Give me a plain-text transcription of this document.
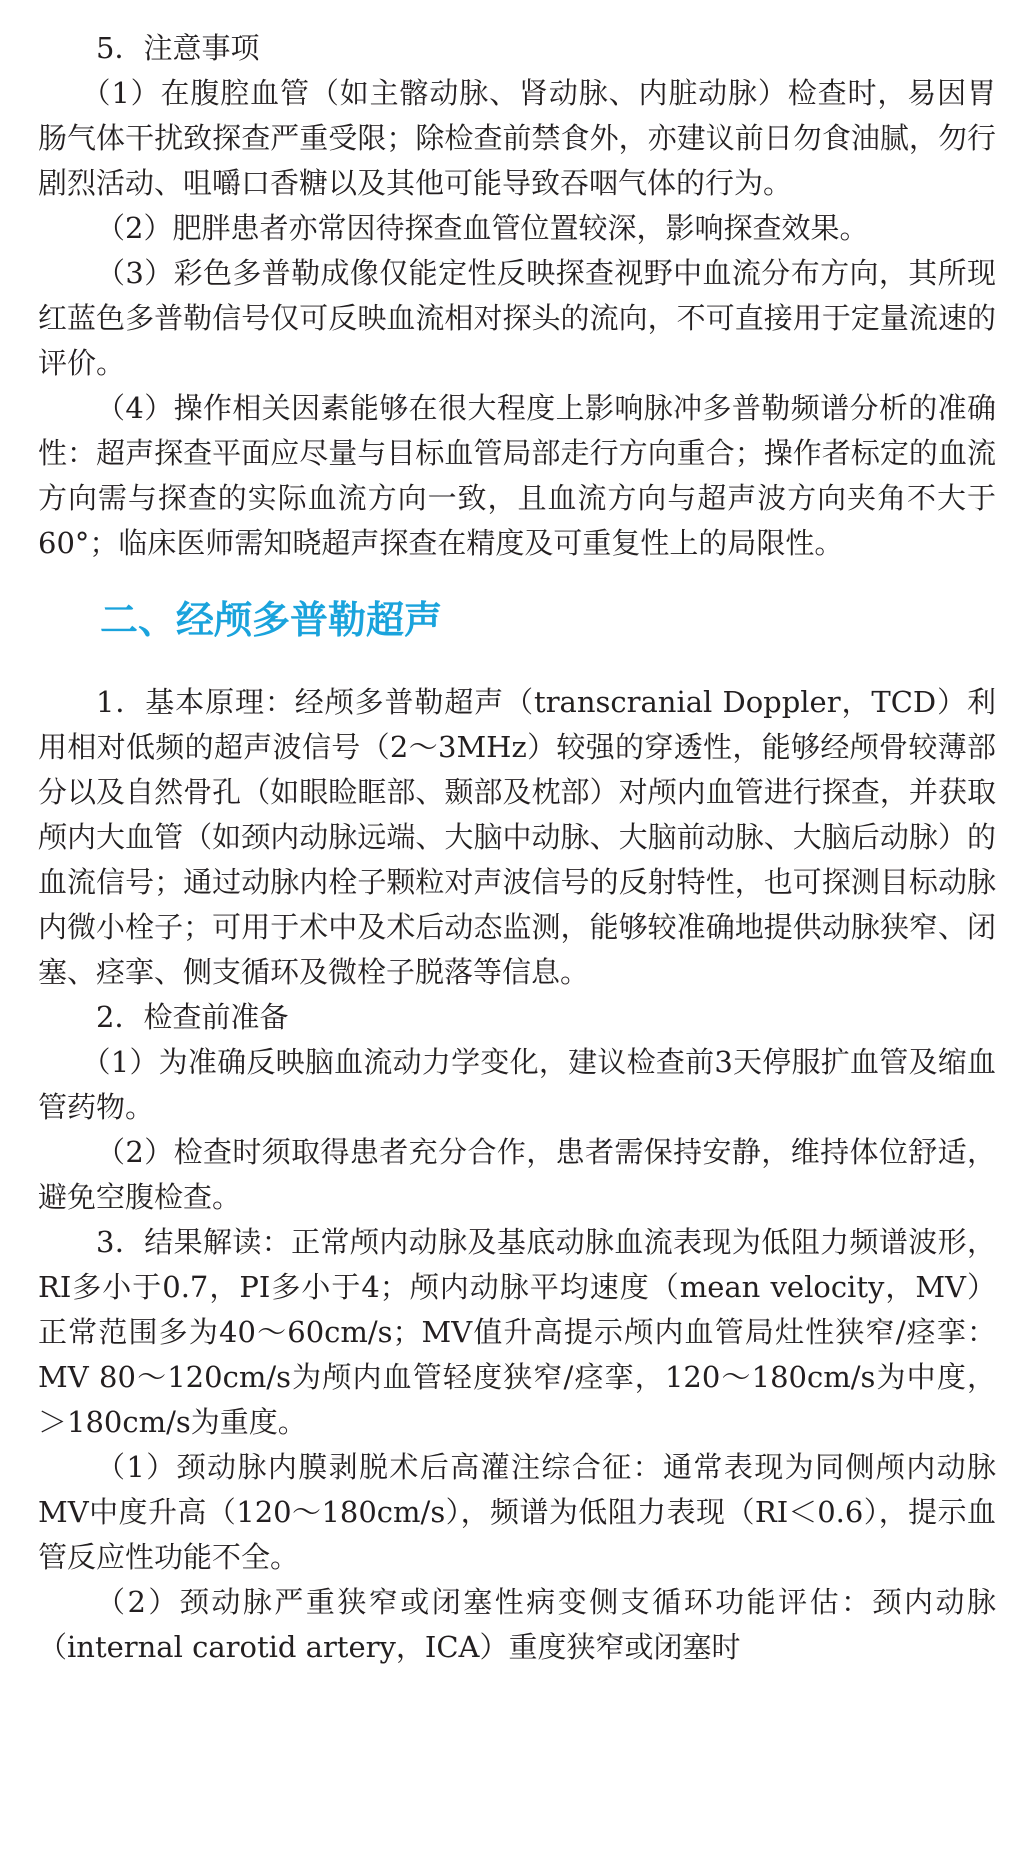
5．注意事项

（1）在腹腔血管（如主髂动脉、肾动脉、内脏动脉）检查时，易因胃肠气体干扰致探查严重受限；除检查前禁食外，亦建议前日勿食油腻，勿行剧烈活动、咀嚼口香糖以及其他可能导致吞咽气体的行为。

（2）肥胖患者亦常因待探查血管位置较深，影响探查效果。

（3）彩色多普勒成像仅能定性反映探查视野中血流分布方向，其所现红蓝色多普勒信号仅可反映血流相对探头的流向，不可直接用于定量流速的评价。

（4）操作相关因素能够在很大程度上影响脉冲多普勒频谱分析的准确性：超声探查平面应尽量与目标血管局部走行方向重合；操作者标定的血流方向需与探查的实际血流方向一致，且血流方向与超声波方向夹角不大于60°；临床医师需知晓超声探查在精度及可重复性上的局限性。

二、经颅多普勒超声

1．基本原理：经颅多普勒超声（transcranial Doppler，TCD）利用相对低频的超声波信号（2～3MHz）较强的穿透性，能够经颅骨较薄部分以及自然骨孔（如眼睑眶部、颞部及枕部）对颅内血管进行探查，并获取颅内大血管（如颈内动脉远端、大脑中动脉、大脑前动脉、大脑后动脉）的血流信号；通过动脉内栓子颗粒对声波信号的反射特性，也可探测目标动脉内微小栓子；可用于术中及术后动态监测，能够较准确地提供动脉狭窄、闭塞、痉挛、侧支循环及微栓子脱落等信息。

2．检查前准备

（1）为准确反映脑血流动力学变化，建议检查前3天停服扩血管及缩血管药物。

（2）检查时须取得患者充分合作，患者需保持安静，维持体位舒适，避免空腹检查。

3．结果解读：正常颅内动脉及基底动脉血流表现为低阻力频谱波形，RI多小于0.7，PI多小于4；颅内动脉平均速度（mean velocity，MV）正常范围多为40～60cm/s；MV值升高提示颅内血管局灶性狭窄/痉挛：MV 80～120cm/s为颅内血管轻度狭窄/痉挛，120～180cm/s为中度，＞180cm/s为重度。

（1）颈动脉内膜剥脱术后高灌注综合征：通常表现为同侧颅内动脉MV中度升高（120～180cm/s），频谱为低阻力表现（RI＜0.6），提示血管反应性功能不全。

（2）颈动脉严重狭窄或闭塞性病变侧支循环功能评估：颈内动脉（internal carotid artery，ICA）重度狭窄或闭塞时
